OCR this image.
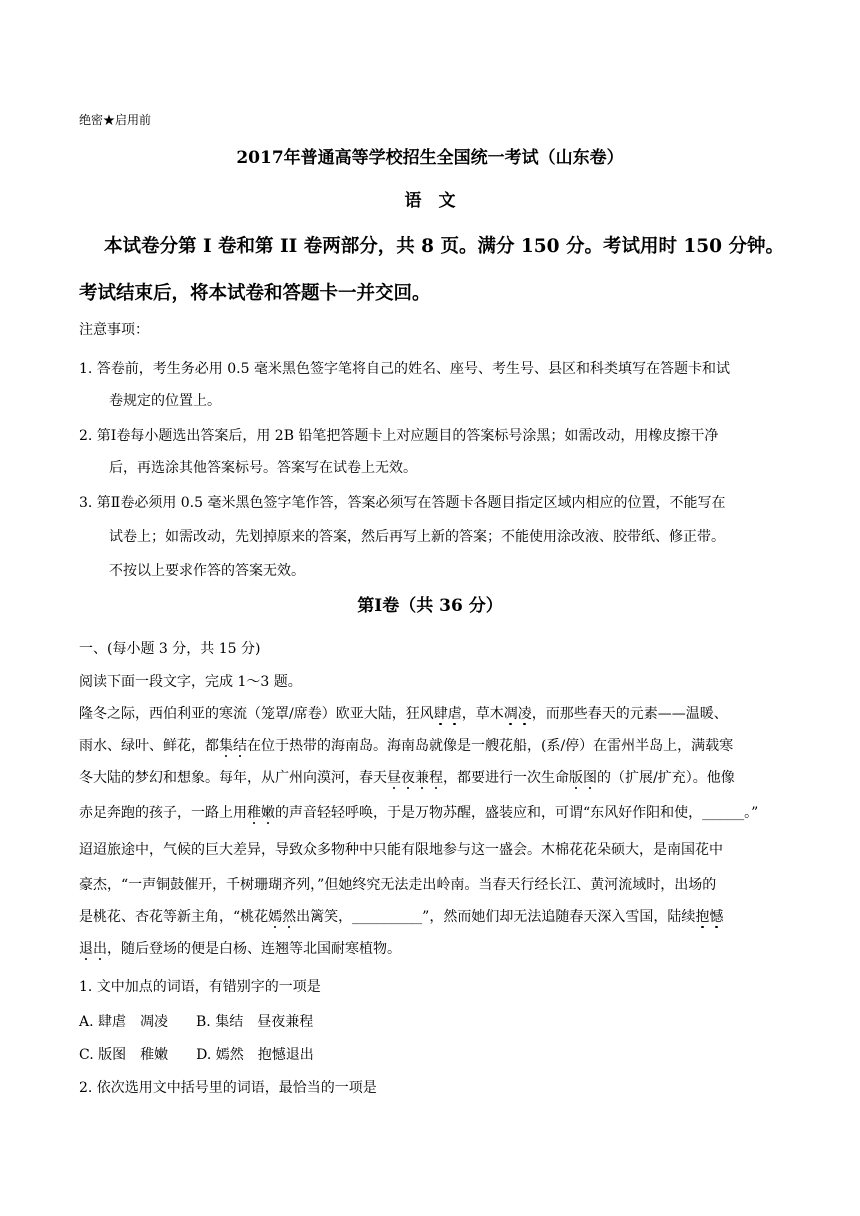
绝密★启用前
2017年普通高等学校招生全国统一考试（山东卷）
语　文
本试卷分第 I 卷和第 II 卷两部分，共 8 页。满分 150 分。考试用时 150 分钟。
考试结束后，将本试卷和答题卡一并交回。
注意事项：
1. 答卷前，考生务必用 0.5 毫米黑色签字笔将自己的姓名、座号、考生号、县区和科类填写在答题卡和试
卷规定的位置上。
2. 第Ⅰ卷每小题选出答案后，用 2B 铅笔把答题卡上对应题目的答案标号涂黑；如需改动，用橡皮擦干净
后，再选涂其他答案标号。答案写在试卷上无效。
3. 第Ⅱ卷必须用 0.5 毫米黑色签字笔作答，答案必须写在答题卡各题目指定区域内相应的位置，不能写在
试卷上；如需改动，先划掉原来的答案，然后再写上新的答案；不能使用涂改液、胶带纸、修正带。
不按以上要求作答的答案无效。
第Ⅰ卷（共 36 分）
一、(每小题 3 分，共 15 分)
阅读下面一段文字，完成 1～3 题。
隆冬之际，西伯利亚的寒流（笼罩/席卷）欧亚大陆，狂风肆虐，草木凋凌，而那些春天的元素——温暖、
雨水、绿叶、鲜花，都集结在位于热带的海南岛。海南岛就像是一艘花船，(系/停）在雷州半岛上，满载寒
冬大陆的梦幻和想象。每年，从广州向漠河，春天昼夜兼程，都要进行一次生命版图的（扩展/扩充）。他像
赤足奔跑的孩子，一路上用稚嫩的声音轻轻呼唤，于是万物苏醒，盛装应和，可谓“东风好作阳和使，______。”
迢迢旅途中，气候的巨大差异，导致众多物种中只能有限地参与这一盛会。木棉花花朵硕大，是南国花中
豪杰，“一声铜鼓催开，千树珊瑚齐列，”但她终究无法走出岭南。当春天行经长江、黄河流域时，出场的
是桃花、杏花等新主角，“桃花嫣然出篱笑，__________”，然而她们却无法追随春天深入雪国，陆续抱憾
退出，随后登场的便是白杨、连翘等北国耐寒植物。
1. 文中加点的词语，有错别字的一项是
A. 肆虐　凋凌　　B. 集结　昼夜兼程
C. 版图　稚嫩　　D. 嫣然　抱憾退出
2. 依次选用文中括号里的词语，最恰当的一项是
